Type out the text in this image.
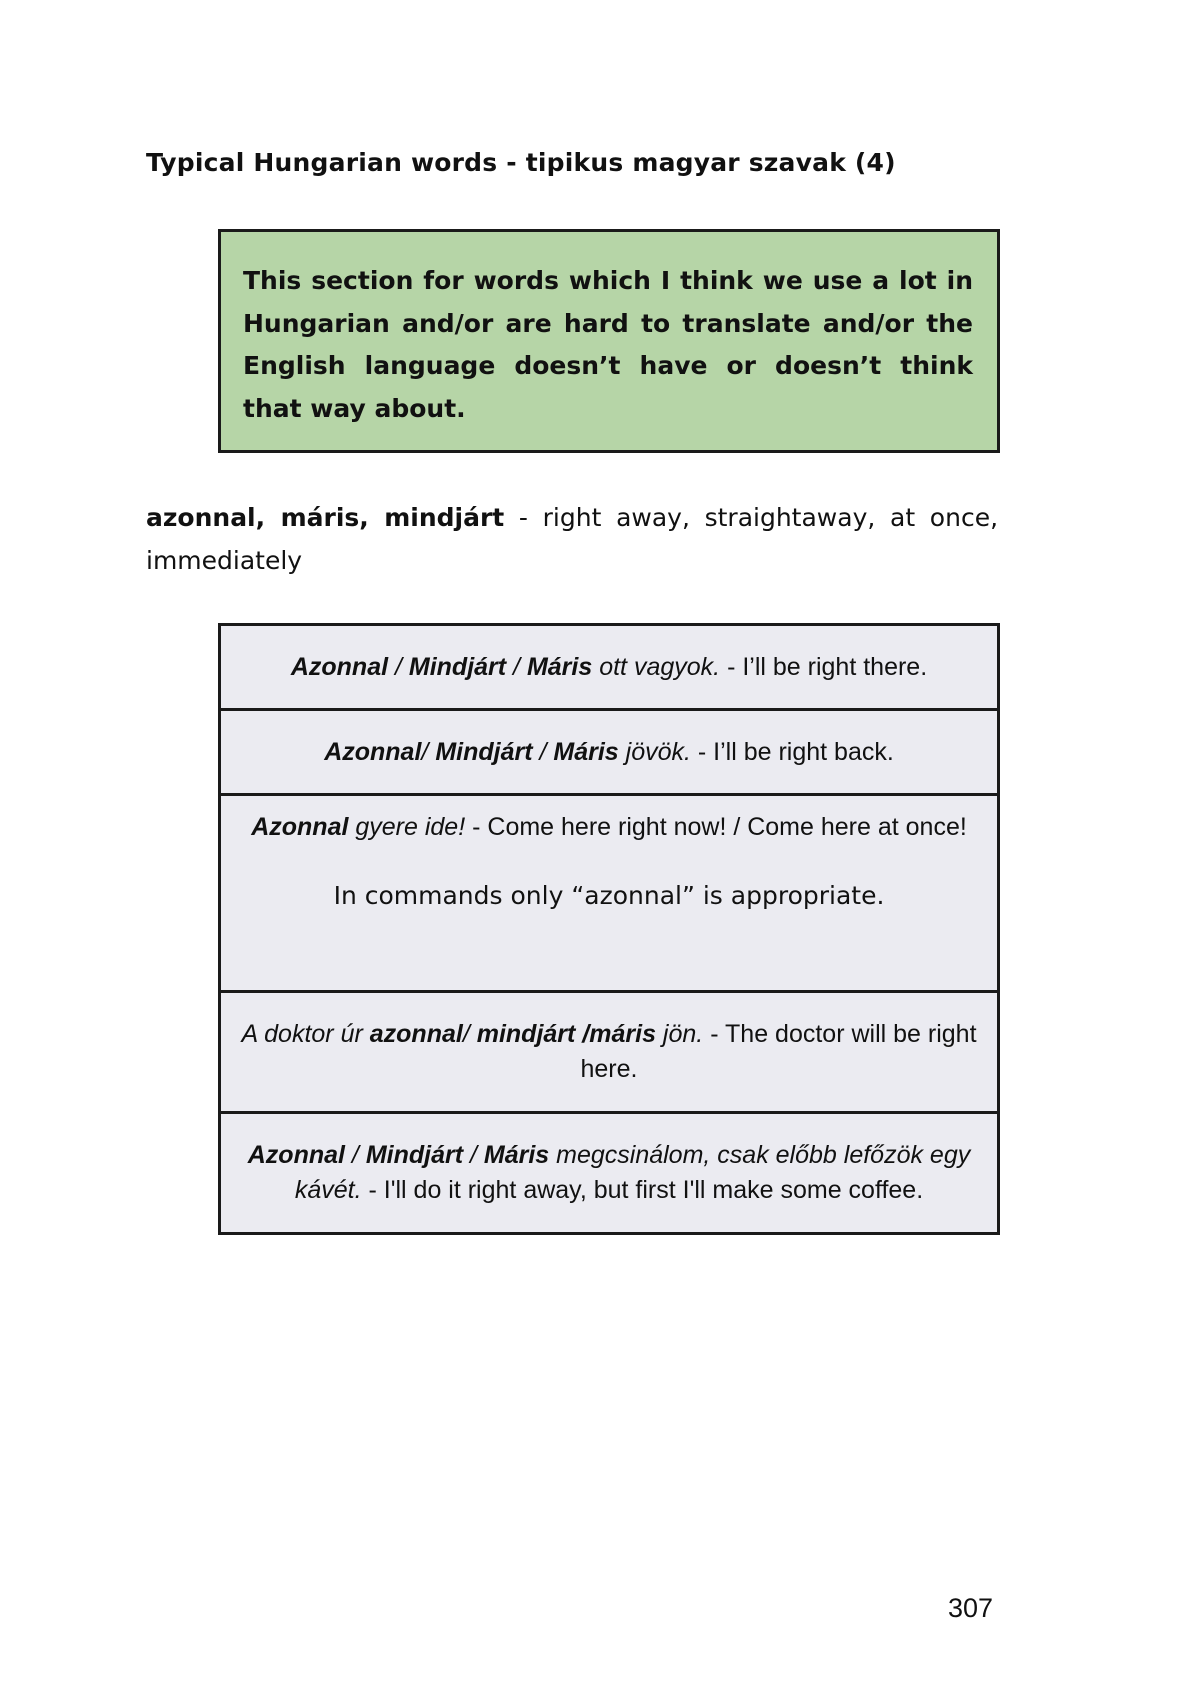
Typical Hungarian words - tipikus magyar szavak (4)
This section for words which I think we use a lot in Hungarian and/or are hard to translate and/or the English language doesn’t have or doesn’t think that way about.
azonnal, máris, mindjárt - right away, straightaway, at once, immediately
Azonnal / Mindjárt / Máris ott vagyok. - I’ll be right there.
Azonnal/ Mindjárt / Máris jövök. - I’ll be right back.
Azonnal gyere ide! - Come here right now! / Come here at once!
In commands only “azonnal” is appropriate.
A doktor úr azonnal/ mindjárt /máris jön. - The doctor will be right here.
Azonnal / Mindjárt / Máris megcsinálom, csak előbb lefőzök egy kávét. - I'll do it right away, but first I'll make some coffee.
307
